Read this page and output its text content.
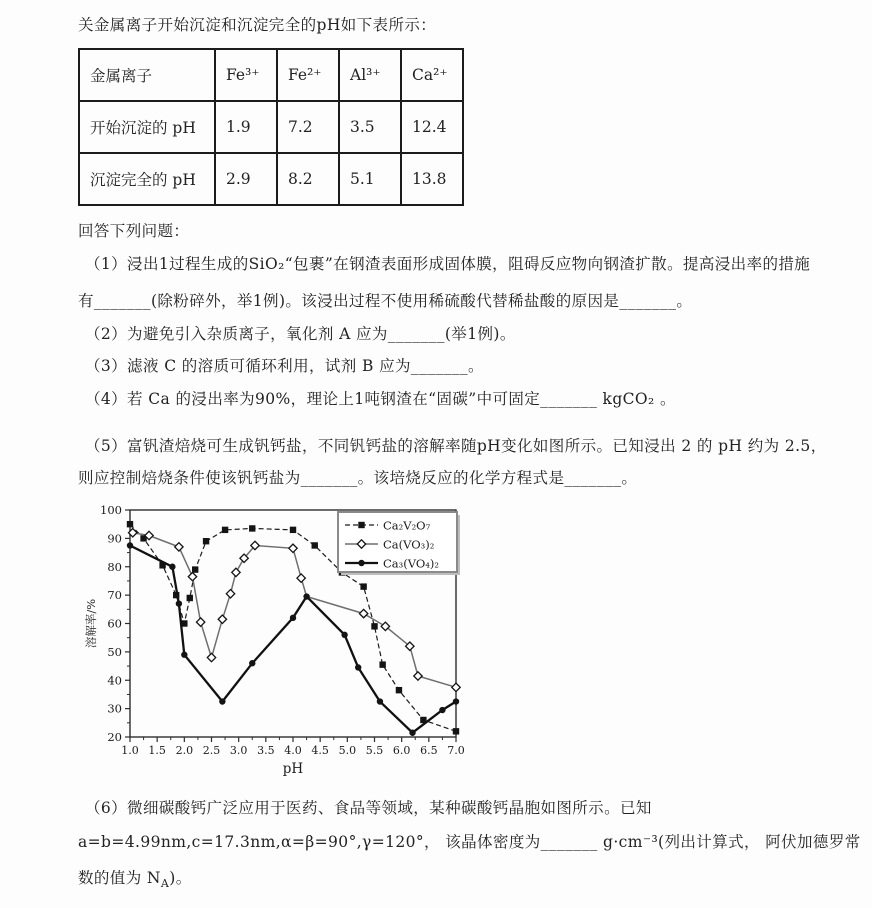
关金属离子开始沉淀和沉淀完全的pH如下表所示：

金属离子	Fe³⁺	Fe²⁺	Al³⁺	Ca²⁺
开始沉淀的 pH	1.9	7.2	3.5	12.4
沉淀完全的 pH	2.9	8.2	5.1	13.8

回答下列问题：

（1）浸出1过程生成的SiO₂“包裹”在钢渣表面形成固体膜，阻碍反应物向钢渣扩散。提高浸出率的措施

有_______(除粉碎外，举1例)。该浸出过程不使用稀硫酸代替稀盐酸的原因是_______。

（2）为避免引入杂质离子，氧化剂 A 应为_______(举1例)。

（3）滤液 C 的溶质可循环利用，试剂 B 应为_______。

（4）若 Ca 的浸出率为90%，理论上1吨钢渣在“固碳”中可固定_______ kgCO₂ 。

（5）富钒渣焙烧可生成钒钙盐，不同钒钙盐的溶解率随pH变化如图所示。已知浸出 2 的 pH 约为 2.5，

则应控制焙烧条件使该钒钙盐为_______。该培烧反应的化学方程式是_______。

1.0 1.5 2.0 2.5 3.0 3.5 4.0 4.5 5.0 5.5 6.0 6.5 7.0
20
30
40
50
60
70
80
90
100
pH
溶解率/%
Ca₂V₂O₇
Ca(VO₃)₂
Ca₃(VO₄)₂

（6）微细碳酸钙广泛应用于医药、食品等领域，某种碳酸钙晶胞如图所示。已知

a=b=4.99nm,c=17.3nm,α=β=90°,γ=120°， 该晶体密度为_______ g·cm⁻³(列出计算式， 阿伏加德罗常

数的值为 $N_A$)。
